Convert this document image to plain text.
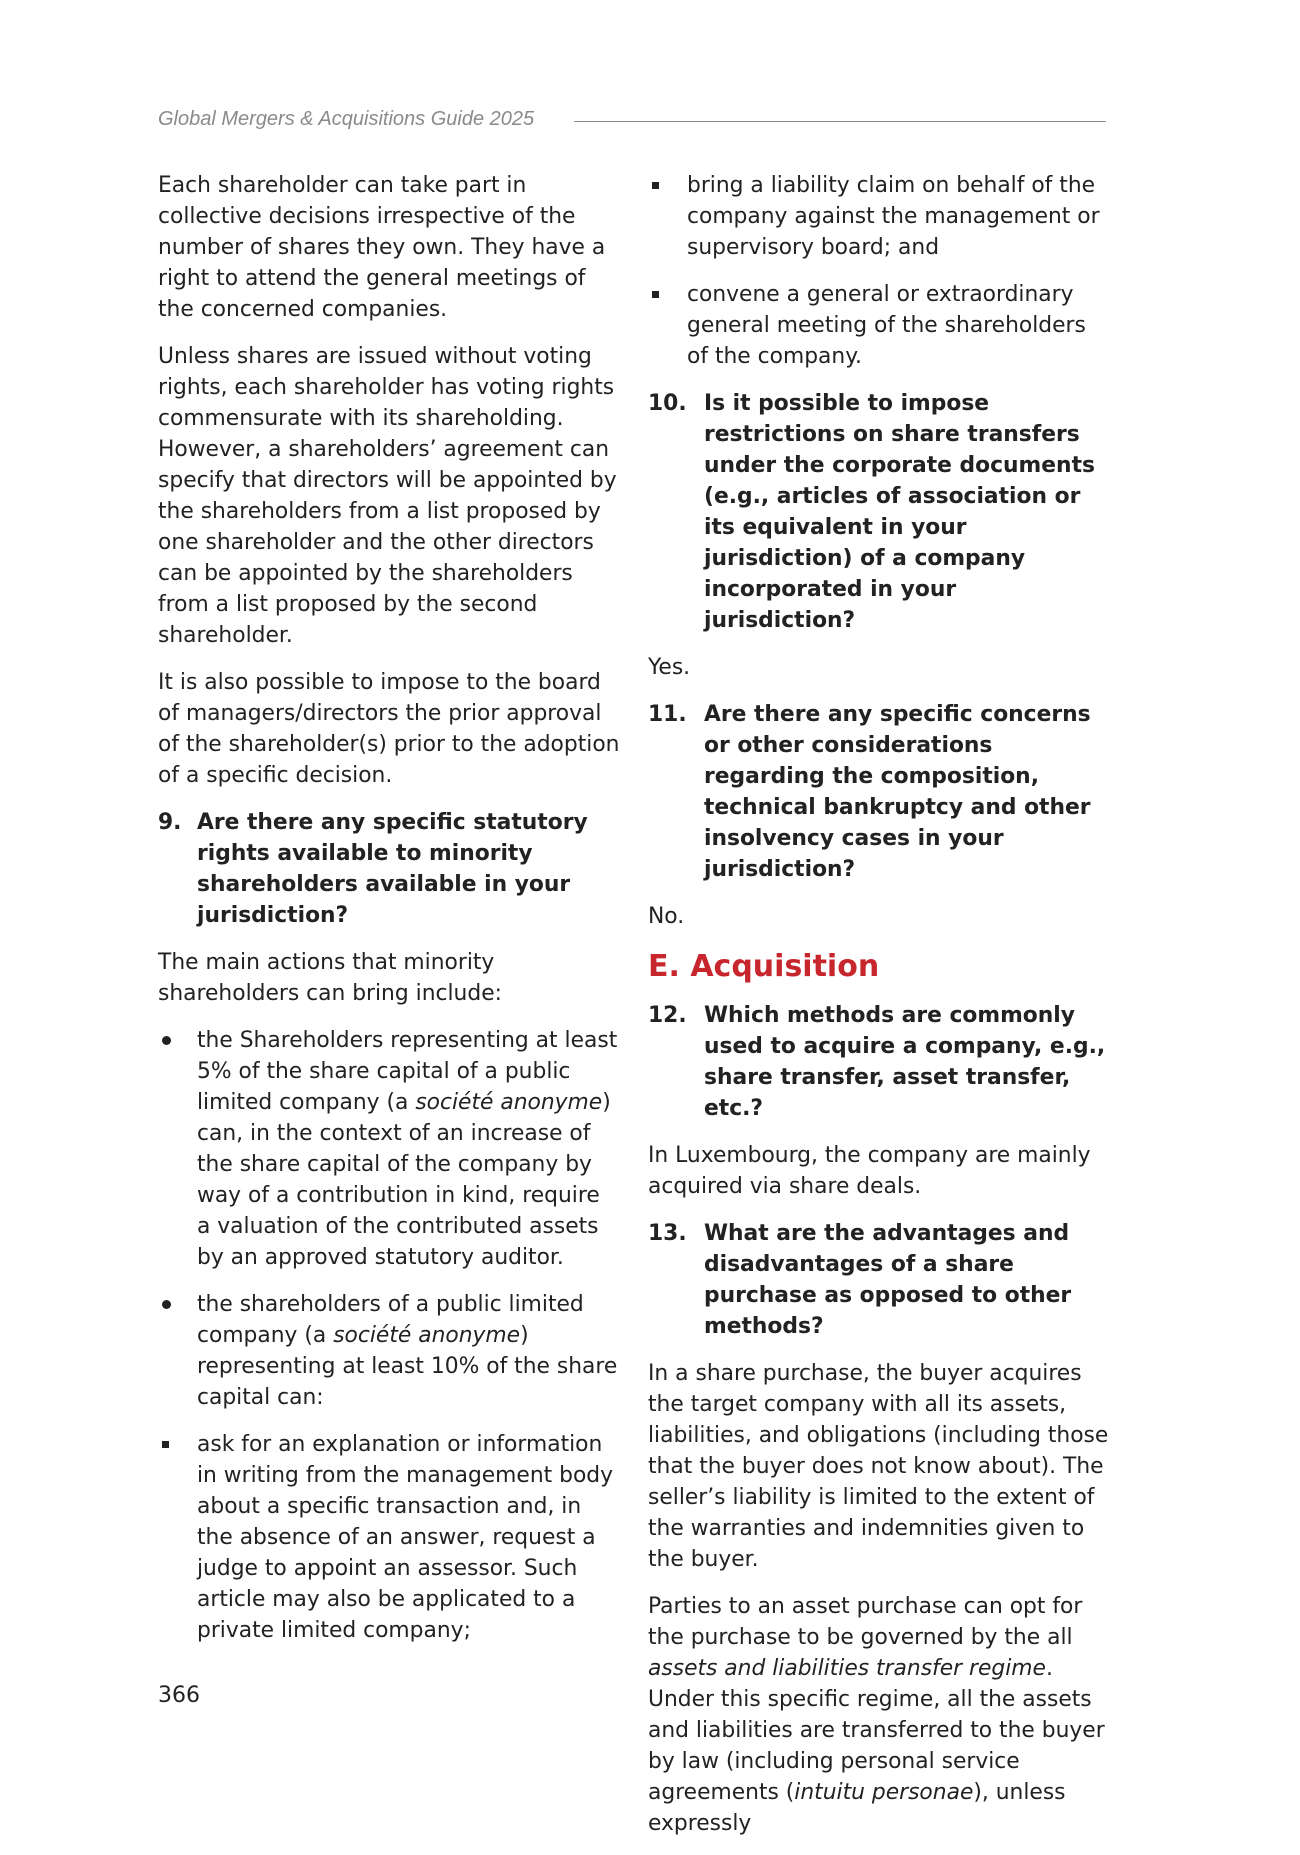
Global Mergers & Acquisitions Guide 2025

Each shareholder can take part in collective decisions irrespective of the number of shares they own. They have a right to attend the general meetings of the concerned companies.

Unless shares are issued without voting rights, each shareholder has voting rights commensurate with its shareholding. However, a shareholders’ agreement can specify that directors will be appointed by the shareholders from a list proposed by one shareholder and the other directors can be appointed by the shareholders from a list proposed by the second shareholder.

It is also possible to impose to the board of managers/directors the prior approval of the shareholder(s) prior to the adoption of a specific decision.

9. Are there any specific statutory rights available to minority shareholders available in your jurisdiction?

The main actions that minority shareholders can bring include:

the Shareholders representing at least 5% of the share capital of a public limited company (a société anonyme) can, in the context of an increase of the share capital of the company by way of a contribution in kind, require a valuation of the contributed assets by an approved statutory auditor.
the shareholders of a public limited company (a société anonyme) representing at least 10% of the share capital can:
ask for an explanation or information in writing from the management body about a specific transaction and, in the absence of an answer, request a judge to appoint an assessor. Such article may also be applicated to a private limited company;
bring a liability claim on behalf of the company against the management or supervisory board; and
convene a general or extraordinary general meeting of the shareholders of the company.
10. Is it possible to impose restrictions on share transfers under the corporate documents (e.g., articles of association or its equivalent in your jurisdiction) of a company incorporated in your jurisdiction?

Yes.

11. Are there any specific concerns or other considerations regarding the composition, technical bankruptcy and other insolvency cases in your jurisdiction?

No.

E. Acquisition
12. Which methods are commonly used to acquire a company, e.g., share transfer, asset transfer, etc.?

In Luxembourg, the company are mainly acquired via share deals.

13. What are the advantages and disadvantages of a share purchase as opposed to other methods?

In a share purchase, the buyer acquires the target company with all its assets, liabilities, and obligations (including those that the buyer does not know about). The seller’s liability is limited to the extent of the warranties and indemnities given to the buyer.

Parties to an asset purchase can opt for the purchase to be governed by the all assets and liabilities transfer regime. Under this specific regime, all the assets and liabilities are transferred to the buyer by law (including personal service agreements (intuitu personae), unless expressly

366
